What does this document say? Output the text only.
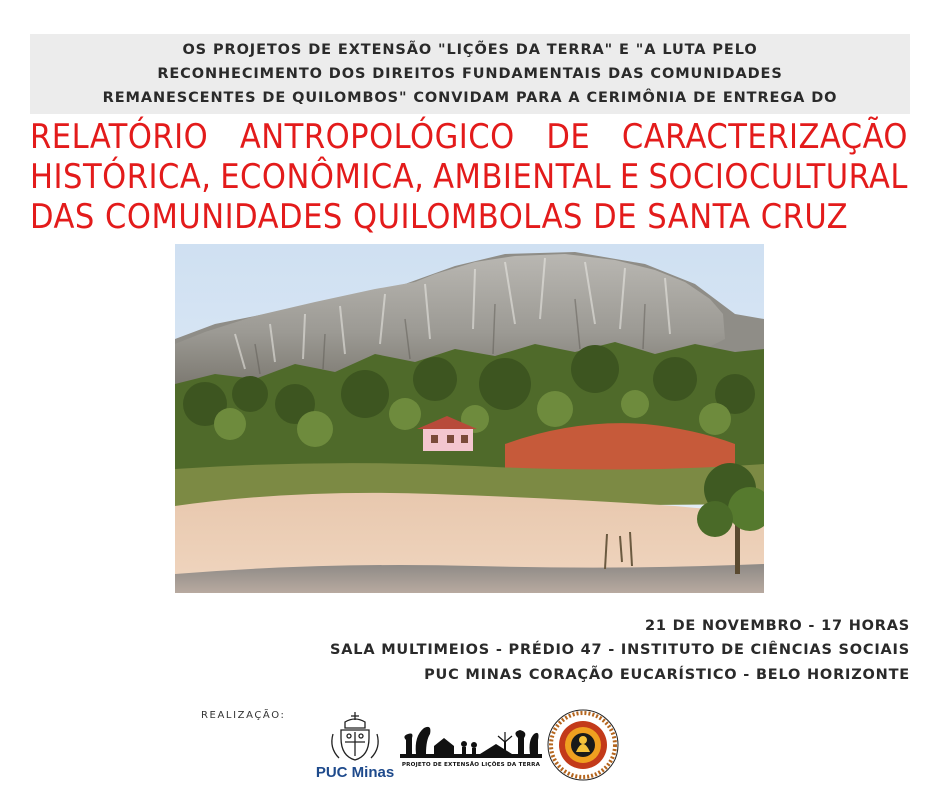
OS PROJETOS DE EXTENSÃO "LIÇÕES DA TERRA" E "A LUTA PELO
RECONHECIMENTO DOS DIREITOS FUNDAMENTAIS DAS COMUNIDADES
REMANESCENTES DE QUILOMBOS" CONVIDAM PARA A CERIMÔNIA DE ENTREGA DO
RELATÓRIO ANTROPOLÓGICO DE CARACTERIZAÇÃO
HISTÓRICA, ECONÔMICA, AMBIENTAL E SOCIOCULTURAL
DAS COMUNIDADES QUILOMBOLAS DE SANTA CRUZ
21 DE NOVEMBRO - 17 HORAS
SALA MULTIMEIOS - PRÉDIO 47 - INSTITUTO DE CIÊNCIAS SOCIAIS
PUC MINAS CORAÇÃO EUCARÍSTICO - BELO HORIZONTE
REALIZAÇÃO:
PUC Minas	PROJETO DE EXTENSÃO LIÇÕES DA TERRA
